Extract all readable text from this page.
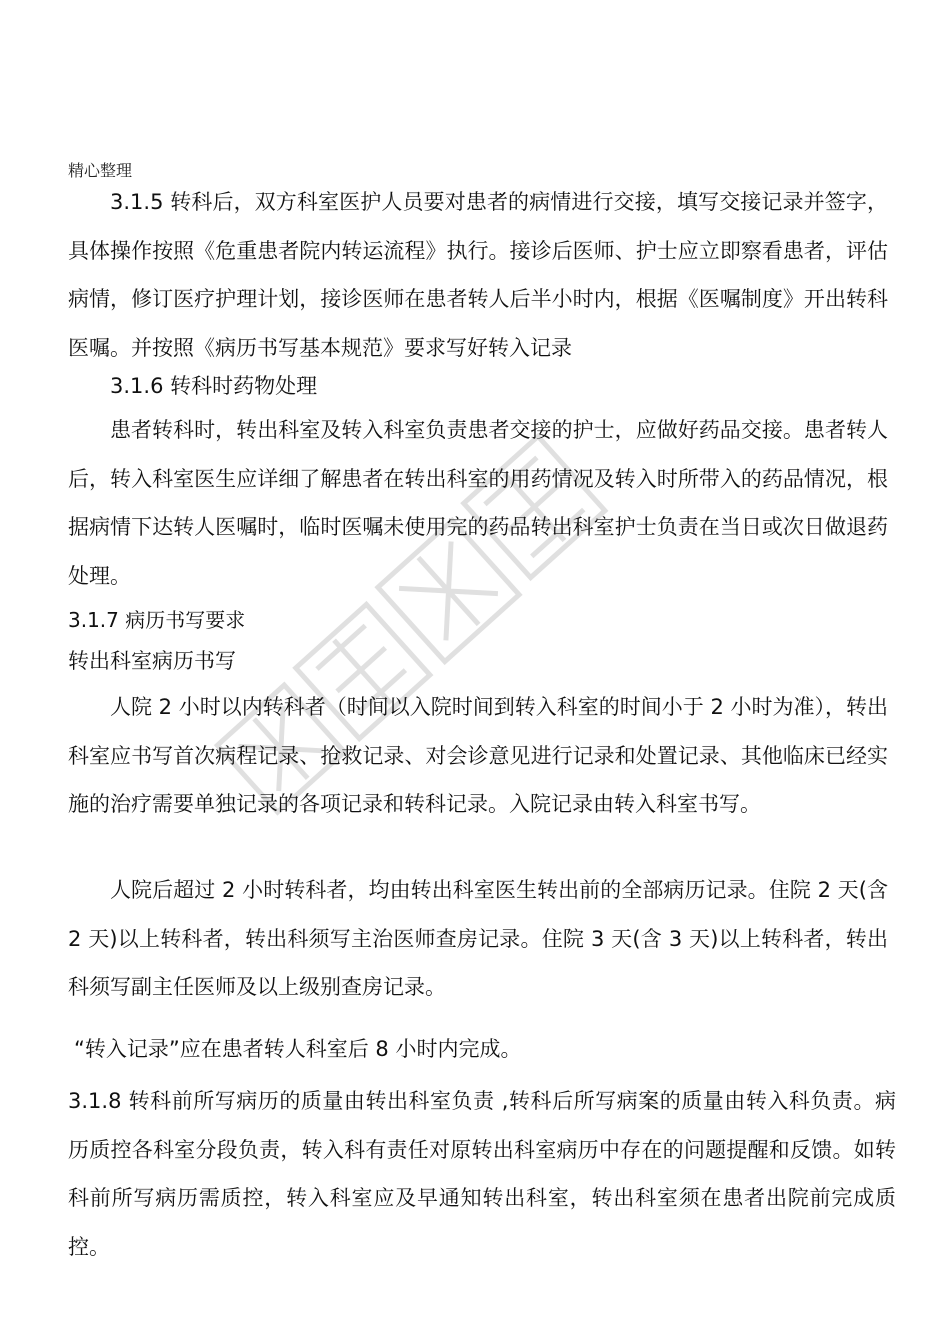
精心整理

3.1.5 转科后，双方科室医护人员要对患者的病情进行交接，填写交接记录并签字，具体操作按照《危重患者院内转运流程》执行。接诊后医师、护士应立即察看患者，评估病情，修订医疗护理计划，接诊医师在患者转人后半小时内，根据《医嘱制度》开出转科医嘱。并按照《病历书写基本规范》要求写好转入记录

3.1.6 转科时药物处理

患者转科时，转出科室及转入科室负责患者交接的护士，应做好药品交接。患者转人后，转入科室医生应详细了解患者在转出科室的用药情况及转入时所带入的药品情况，根据病情下达转人医嘱时，临时医嘱未使用完的药品转出科室护士负责在当日或次日做退药处理。

3.1.7 病历书写要求

转出科室病历书写

人院 2 小时以内转科者（时间以入院时间到转入科室的时间小于 2 小时为准），转出科室应书写首次病程记录、抢救记录、对会诊意见进行记录和处置记录、其他临床已经实施的治疗需要单独记录的各项记录和转科记录。入院记录由转入科室书写。

人院后超过 2 小时转科者，均由转出科室医生转出前的全部病历记录。住院 2 天(含 2 天)以上转科者，转出科须写主治医师查房记录。住院 3 天(含 3 天)以上转科者，转出科须写副主任医师及以上级别查房记录。

“转入记录”应在患者转人科室后 8 小时内完成。

3.1.8 转科前所写病历的质量由转出科室负责 ,转科后所写病案的质量由转入科负责。病历质控各科室分段负责，转入科有责任对原转出科室病历中存在的问题提醒和反馈。如转科前所写病历需质控，转入科室应及早通知转出科室，转出科室须在患者出院前完成质控。
